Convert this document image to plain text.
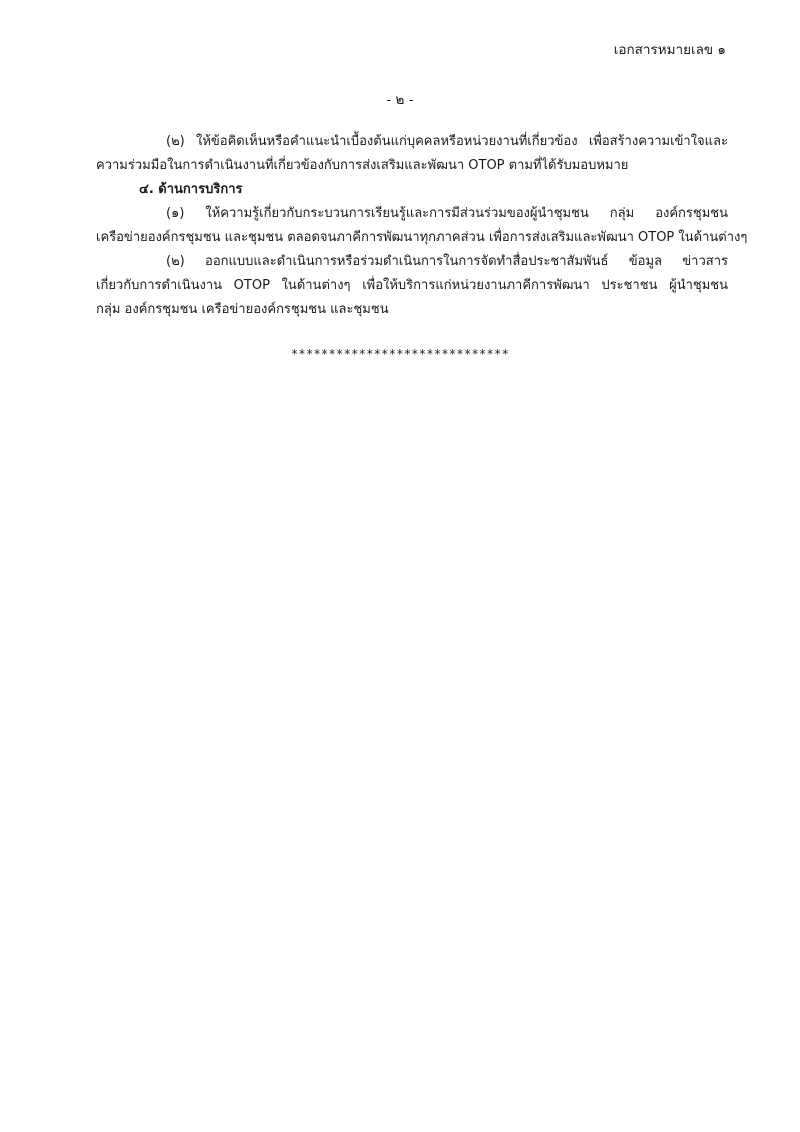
เอกสารหมายเลข ๑
- ๒ -
(๒) ให้ข้อคิดเห็นหรือคำแนะนำเบื้องต้นแก่บุคคลหรือหน่วยงานที่เกี่ยวข้อง เพื่อสร้างความเข้าใจและ
ความร่วมมือในการดำเนินงานที่เกี่ยวข้องกับการส่งเสริมและพัฒนา OTOP ตามที่ได้รับมอบหมาย
๔. ด้านการบริการ
(๑) ให้ความรู้เกี่ยวกับกระบวนการเรียนรู้และการมีส่วนร่วมของผู้นำชุมชน กลุ่ม องค์กรชุมชน
เครือข่ายองค์กรชุมชน และชุมชน ตลอดจนภาคีการพัฒนาทุกภาคส่วน เพื่อการส่งเสริมและพัฒนา OTOP ในด้านต่างๆ
(๒) ออกแบบและดำเนินการหรือร่วมดำเนินการในการจัดทำสื่อประชาสัมพันธ์ ข้อมูล ข่าวสาร
เกี่ยวกับการดำเนินงาน OTOP ในด้านต่างๆ เพื่อให้บริการแก่หน่วยงานภาคีการพัฒนา ประชาชน ผู้นำชุมชน
กลุ่ม องค์กรชุมชน เครือข่ายองค์กรชุมชน และชุมชน
*****************************
